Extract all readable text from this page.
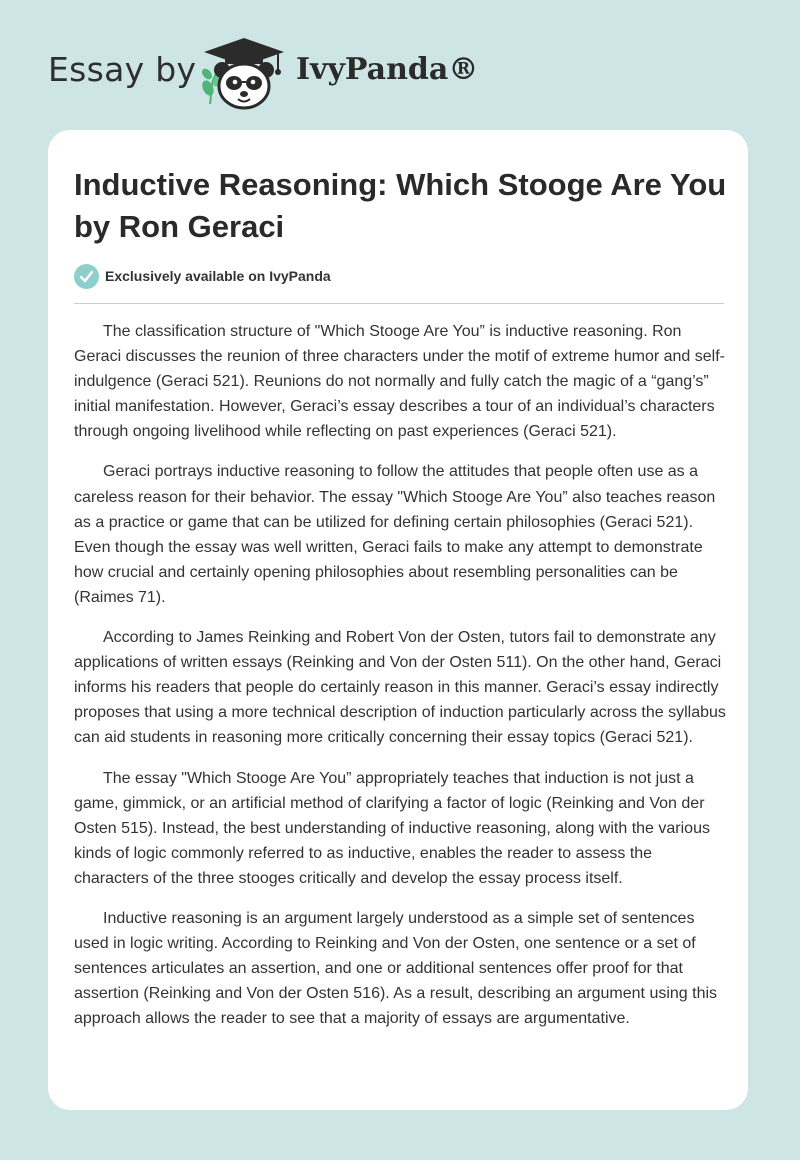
Essay by	IvyPanda®
Inductive Reasoning: Which Stooge Are You by Ron Geraci
Exclusively available on IvyPanda

The classification structure of "Which Stooge Are You” is inductive reasoning. Ron Geraci discusses the reunion of three characters under the motif of extreme humor and self-indulgence (Geraci 521). Reunions do not normally and fully catch the magic of a “gang’s” initial manifestation. However, Geraci’s essay describes a tour of an individual’s characters through ongoing livelihood while reflecting on past experiences (Geraci 521).

Geraci portrays inductive reasoning to follow the attitudes that people often use as a careless reason for their behavior. The essay "Which Stooge Are You” also teaches reason as a practice or game that can be utilized for defining certain philosophies (Geraci 521). Even though the essay was well written, Geraci fails to make any attempt to demonstrate how crucial and certainly opening philosophies about resembling personalities can be (Raimes 71).

According to James Reinking and Robert Von der Osten, tutors fail to demonstrate any applications of written essays (Reinking and Von der Osten 511). On the other hand, Geraci informs his readers that people do certainly reason in this manner. Geraci’s essay indirectly proposes that using a more technical description of induction particularly across the syllabus can aid students in reasoning more critically concerning their essay topics (Geraci 521).

The essay "Which Stooge Are You” appropriately teaches that induction is not just a game, gimmick, or an artificial method of clarifying a factor of logic (Reinking and Von der Osten 515). Instead, the best understanding of inductive reasoning, along with the various kinds of logic commonly referred to as inductive, enables the reader to assess the characters of the three stooges critically and develop the essay process itself.

Inductive reasoning is an argument largely understood as a simple set of sentences used in logic writing. According to Reinking and Von der Osten, one sentence or a set of sentences articulates an assertion, and one or additional sentences offer proof for that assertion (Reinking and Von der Osten 516). As a result, describing an argument using this approach allows the reader to see that a majority of essays are argumentative.
